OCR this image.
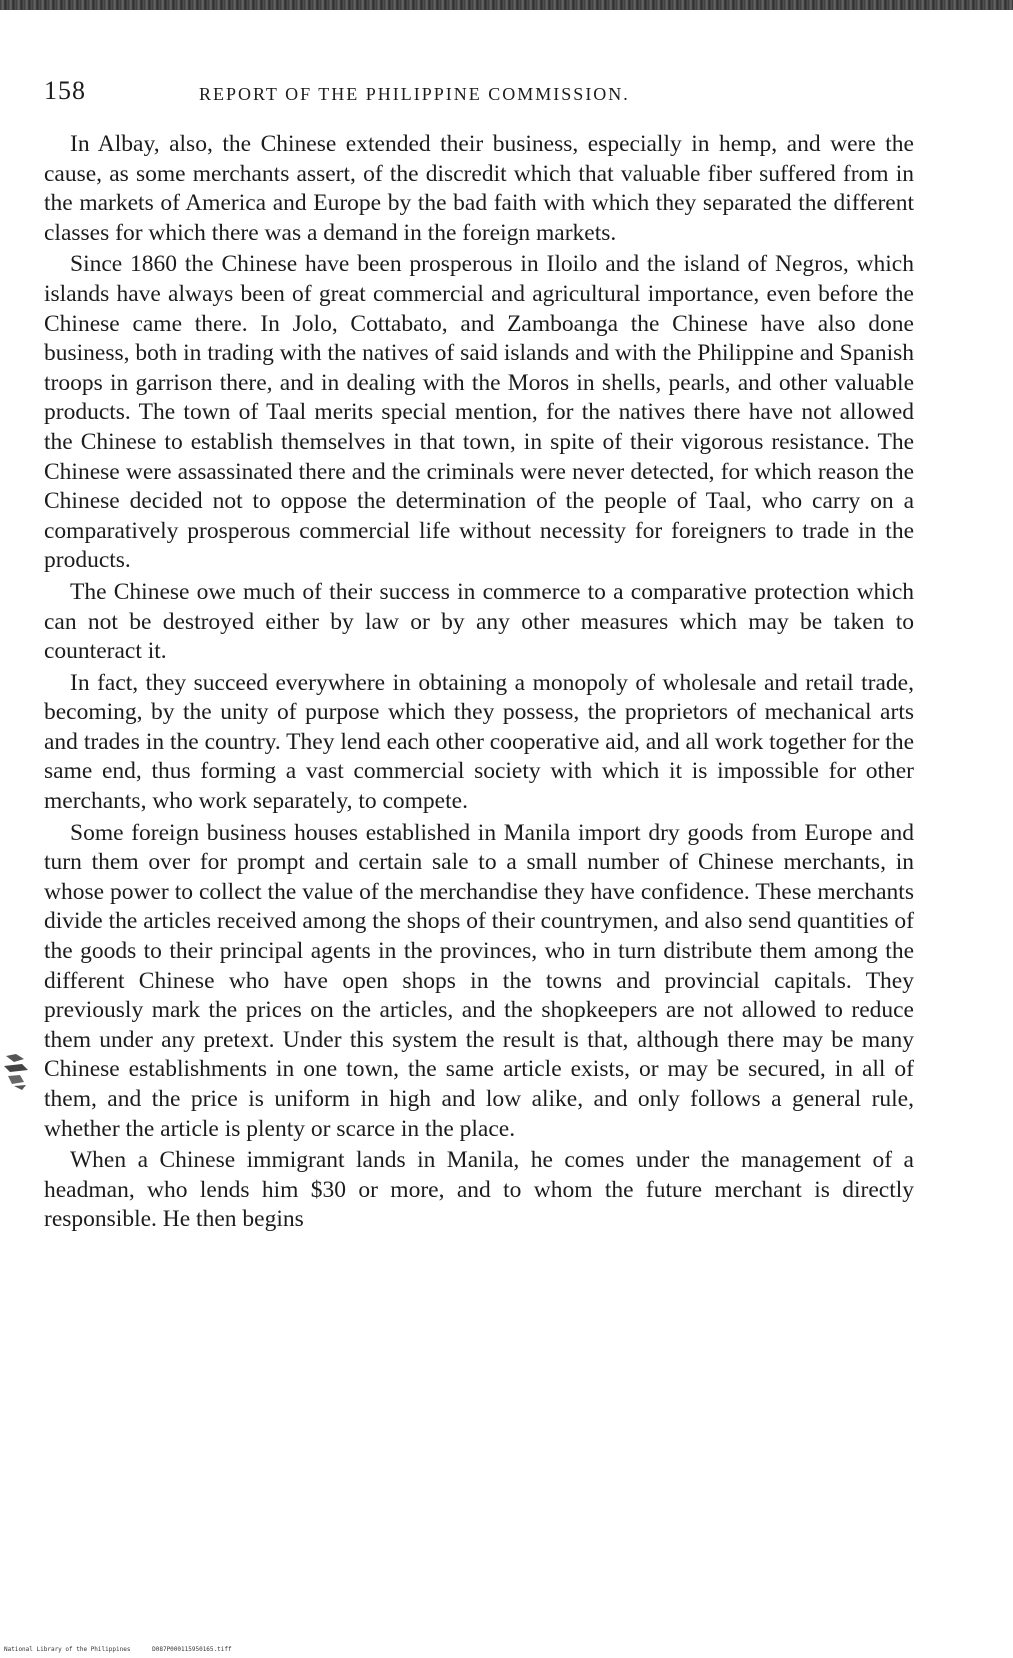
158	REPORT OF THE PHILIPPINE COMMISSION.

In Albay, also, the Chinese extended their business, especially in hemp, and were the cause, as some merchants assert, of the discredit which that valuable fiber suffered from in the markets of America and Europe by the bad faith with which they separated the different classes for which there was a demand in the foreign markets.

Since 1860 the Chinese have been prosperous in Iloilo and the island of Negros, which islands have always been of great commercial and agricultural importance, even before the Chinese came there. In Jolo, Cottabato, and Zamboanga the Chinese have also done business, both in trading with the natives of said islands and with the Philippine and Spanish troops in garrison there, and in dealing with the Moros in shells, pearls, and other valuable products. The town of Taal merits special mention, for the natives there have not allowed the Chinese to establish themselves in that town, in spite of their vigorous resistance. The Chinese were assassinated there and the criminals were never detected, for which reason the Chinese decided not to oppose the determination of the people of Taal, who carry on a comparatively prosperous commercial life without necessity for foreigners to trade in the products.

The Chinese owe much of their success in commerce to a comparative protection which can not be destroyed either by law or by any other measures which may be taken to counteract it.

In fact, they succeed everywhere in obtaining a monopoly of wholesale and retail trade, becoming, by the unity of purpose which they possess, the proprietors of mechanical arts and trades in the country. They lend each other cooperative aid, and all work together for the same end, thus forming a vast commercial society with which it is impossible for other merchants, who work separately, to compete.

Some foreign business houses established in Manila import dry goods from Europe and turn them over for prompt and certain sale to a small number of Chinese merchants, in whose power to collect the value of the merchandise they have confidence. These merchants divide the articles received among the shops of their countrymen, and also send quantities of the goods to their principal agents in the provinces, who in turn distribute them among the different Chinese who have open shops in the towns and provincial capitals. They previously mark the prices on the articles, and the shopkeepers are not allowed to reduce them under any pretext. Under this system the result is that, although there may be many Chinese establishments in one town, the same article exists, or may be secured, in all of them, and the price is uniform in high and low alike, and only follows a general rule, whether the article is plenty or scarce in the place.

When a Chinese immigrant lands in Manila, he comes under the management of a headman, who lends him $30 or more, and to whom the future merchant is directly responsible. He then begins

National Library of the Philippines	D087P000115950165.tiff
